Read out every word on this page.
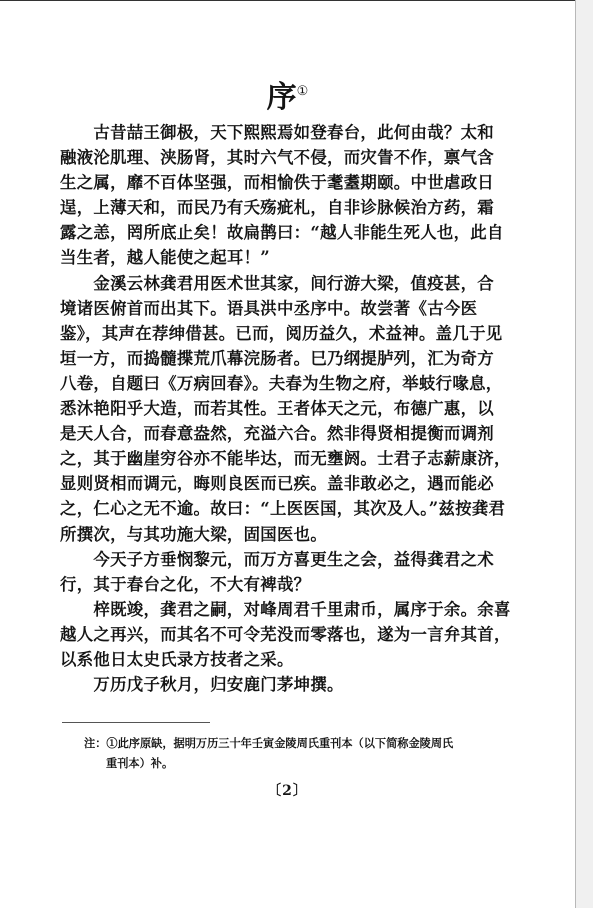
序①
　　古昔喆王御极，天下熙熙焉如登春台，此何由哉？太和
融液沦肌理、浃肠肾，其时六气不侵，而灾眚不作，禀气含
生之属，靡不百体坚强，而相愉佚于耄耋期颐。中世虐政日
逞，上薄天和，而民乃有夭殇疵札，自非诊脉候治方药，霜
露之恙，罔所底止矣！故扁鹊曰：“越人非能生死人也，此自
当生者，越人能使之起耳！”
　　金溪云林龚君用医术世其家，间行游大梁，值疫甚，合
境诸医俯首而出其下。语具洪中丞序中。故尝著《古今医
鉴》，其声在荐绅借甚。已而，阅历益久，术益神。盖几于见
垣一方，而捣髓揲荒爪幕浣肠者。巳乃纲提胪列，汇为奇方
八卷，自题曰《万病回春》。夫春为生物之府，举蚑行喙息，
悉沐艳阳乎大造，而若其性。王者体天之元，布德广惠，以
是天人合，而春意盎然，充溢六合。然非得贤相提衡而调剂
之，其于幽崖穷谷亦不能毕达，而无壅阏。士君子志薪康济，
显则贤相而调元，晦则良医而已疾。盖非敢必之，遇而能必
之，仁心之无不逾。故曰：“上医医国，其次及人。”兹按龚君
所撰次，与其功施大梁，固国医也。
　　今天子方垂悯黎元，而万方喜更生之会，益得龚君之术
行，其于春台之化，不大有裨哉？
　　梓既竣，龚君之嗣，对峰周君千里肃币，属序于余。余喜
越人之再兴，而其名不可令芜没而零落也，遂为一言弁其首，
以系他日太史氏录方技者之采。
　　万历戊子秋月，归安鹿门茅坤撰。
注：①此序原缺，据明万历三十年壬寅金陵周氏重刊本（以下简称金陵周氏
重刊本）补。
〔2〕
